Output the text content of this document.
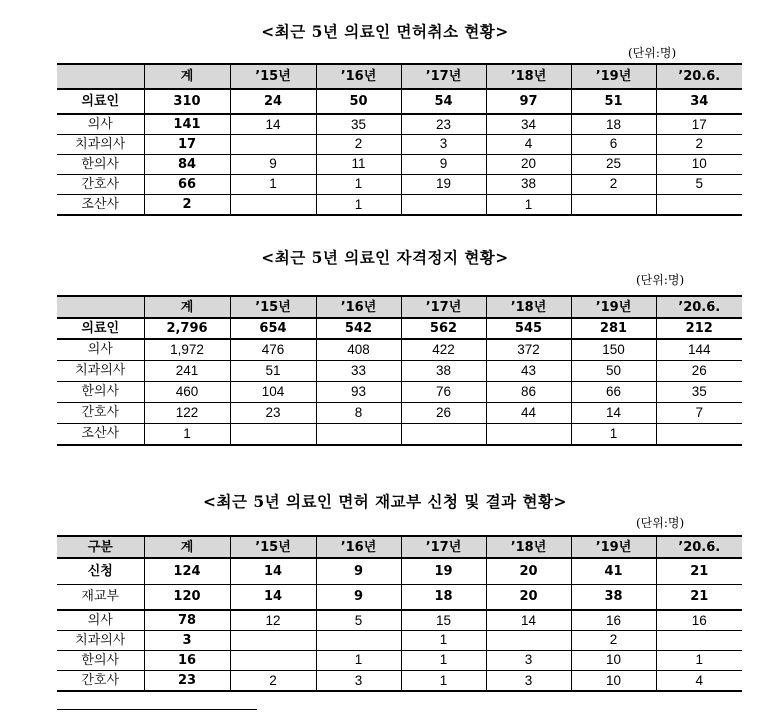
<최근 5년 의료인 면허취소 현황>
(단위:명)
	계	’15년	’16년	’17년	’18년	’19년	’20.6.
의료인	310	24	50	54	97	51	34
의사	141	14	35	23	34	18	17
치과의사	17		2	3	4	6	2
한의사	84	9	11	9	20	25	10
간호사	66	1	1	19	38	2	5
조산사	2		1		1		
<최근 5년 의료인 자격정지 현황>
(단위:명)
	계	’15년	’16년	’17년	’18년	’19년	’20.6.
의료인	2,796	654	542	562	545	281	212
의사	1,972	476	408	422	372	150	144
치과의사	241	51	33	38	43	50	26
한의사	460	104	93	76	86	66	35
간호사	122	23	8	26	44	14	7
조산사	1					1	
<최근 5년 의료인 면허 재교부 신청 및 결과 현황>
(단위:명)
구분	계	’15년	’16년	’17년	’18년	’19년	’20.6.
신청	124	14	9	19	20	41	21
재교부	120	14	9	18	20	38	21
의사	78	12	5	15	14	16	16
치과의사	3			1		2	
한의사	16		1	1	3	10	1
간호사	23	2	3	1	3	10	4
